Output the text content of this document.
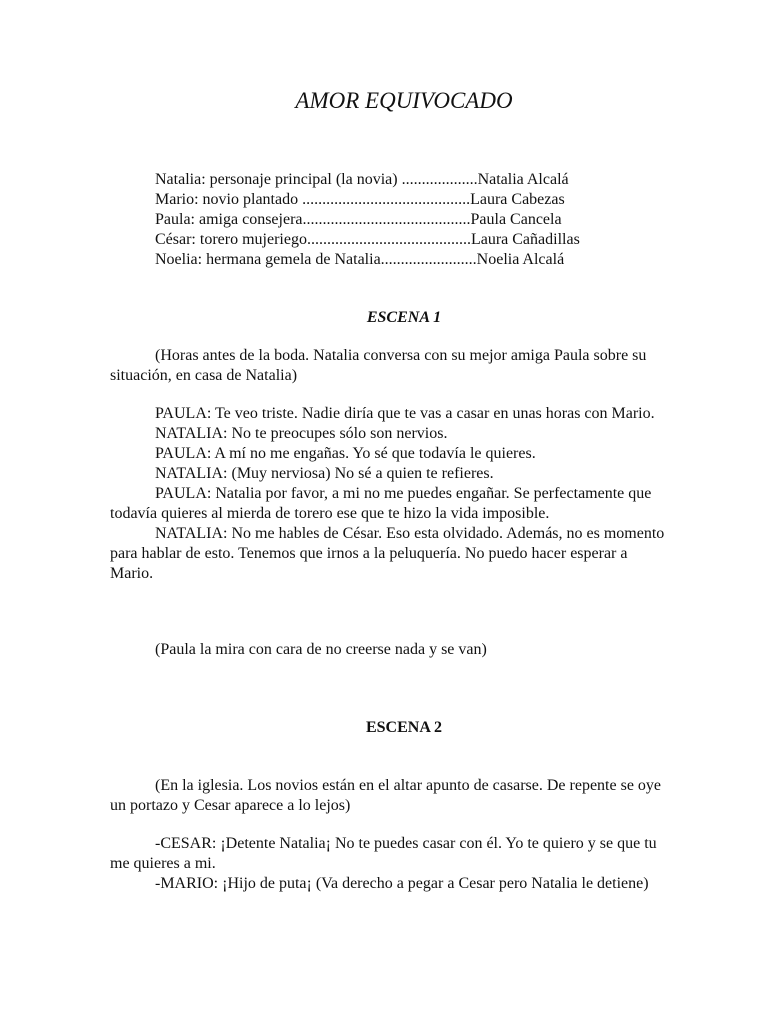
AMOR EQUIVOCADO
Natalia: personaje principal (la novia) ...................Natalia Alcalá
Mario: novio plantado ..........................................Laura Cabezas
Paula: amiga consejera..........................................Paula Cancela
César: torero mujeriego.........................................Laura Cañadillas
Noelia: hermana gemela de Natalia........................Noelia Alcalá
ESCENA 1

(Horas antes de la boda. Natalia conversa con su mejor amiga Paula sobre su situación, en casa de Natalia)

PAULA: Te veo triste. Nadie diría que te vas a casar en unas horas con Mario.

NATALIA: No te preocupes sólo son nervios.

PAULA: A mí no me engañas. Yo sé que todavía le quieres.

NATALIA: (Muy nerviosa) No sé a quien te refieres.

PAULA: Natalia por favor, a mi no me puedes engañar. Se perfectamente que todavía quieres al mierda de torero ese que te hizo la vida imposible.

NATALIA: No me hables de César. Eso esta olvidado. Además, no es momento para hablar de esto. Tenemos que irnos a la peluquería. No puedo hacer esperar a Mario.

(Paula la mira con cara de no creerse nada y se van)

ESCENA 2

(En la iglesia. Los novios están en el altar apunto de casarse. De repente se oye un portazo y Cesar aparece a lo lejos)

-CESAR: ¡Detente Natalia¡ No te puedes casar con él. Yo te quiero y se que tu me quieres a mi.

-MARIO: ¡Hijo de puta¡ (Va derecho a pegar a Cesar pero Natalia le detiene)
